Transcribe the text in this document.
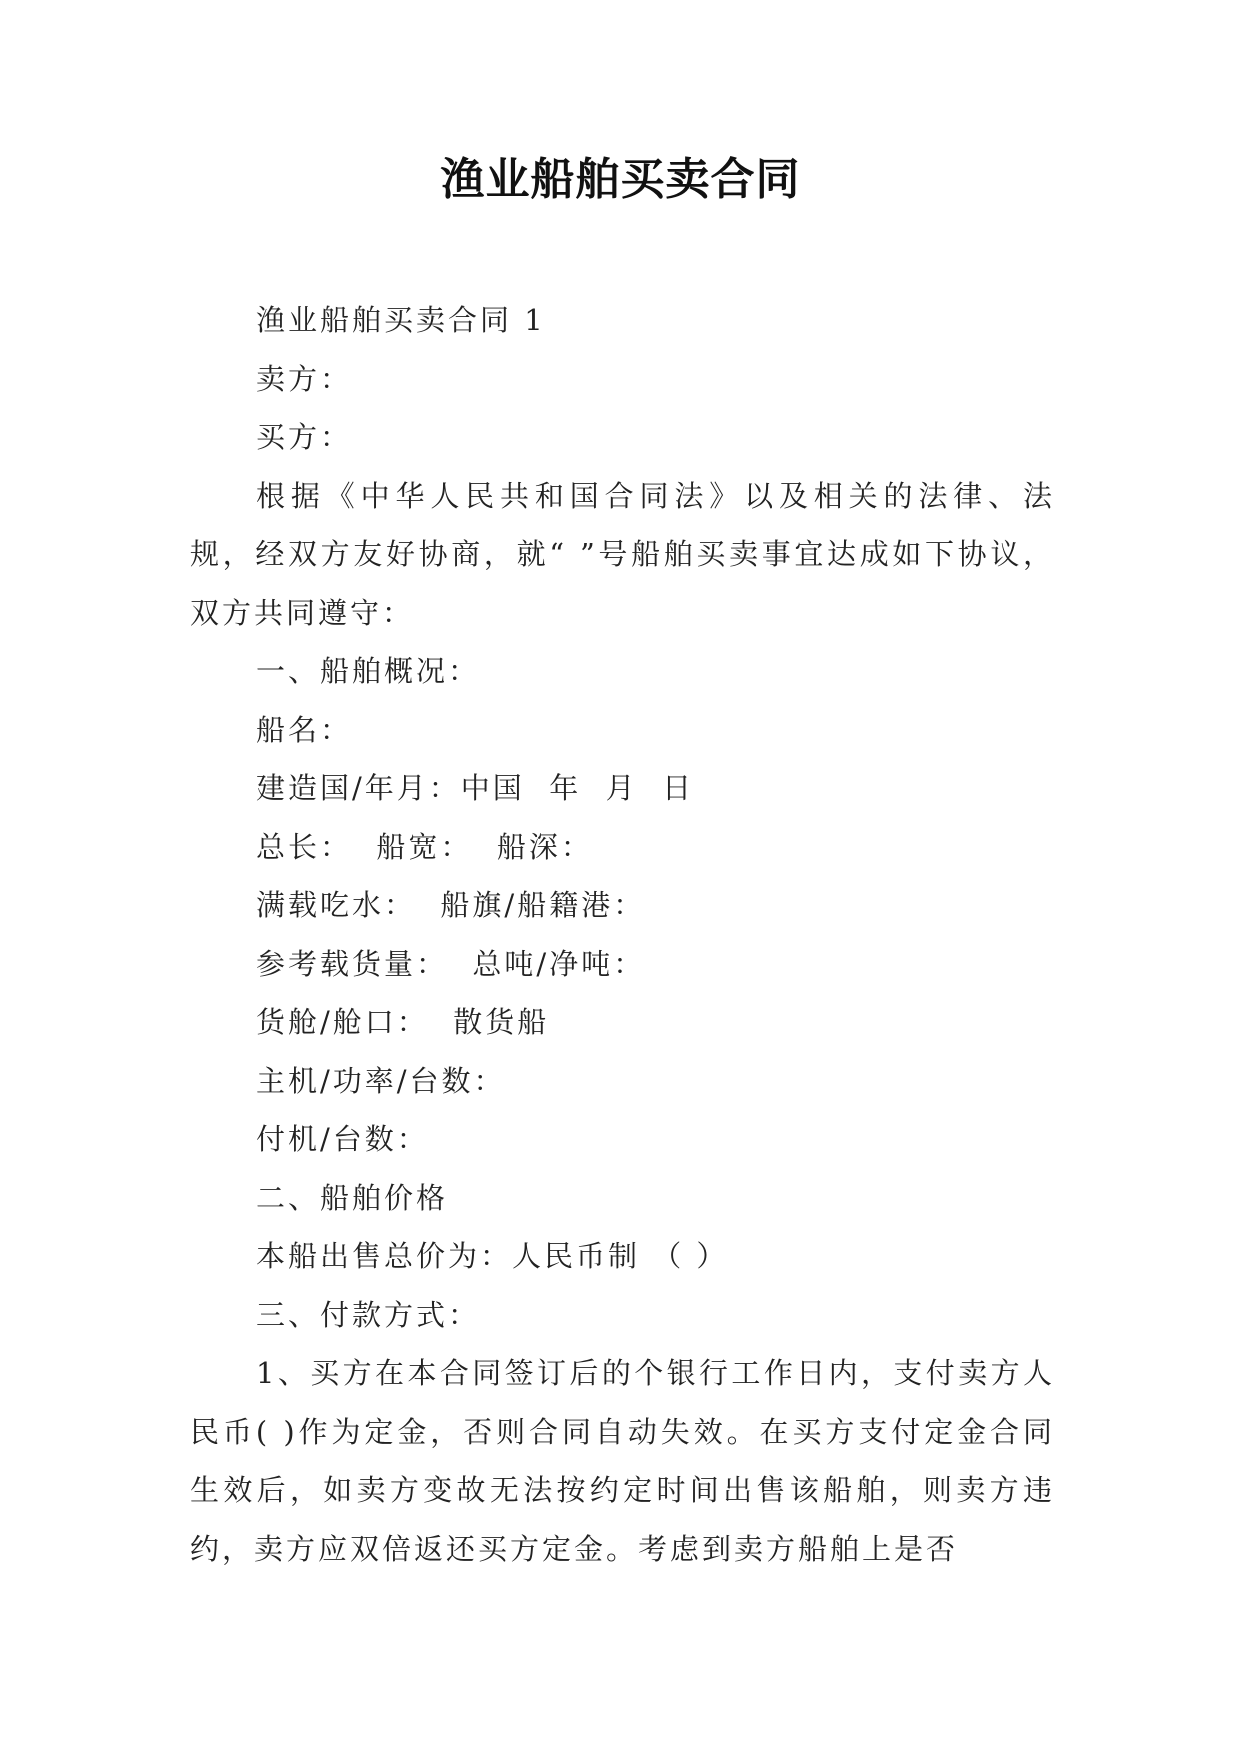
渔业船舶买卖合同

渔业船舶买卖合同 1

卖方：

买方：

根据《中华人民共和国合同法》以及相关的法律、法规，经双方友好协商，就“ ”号船舶买卖事宜达成如下协议，双方共同遵守：

一、船舶概况：

船名：

建造国/年月：中国  年  月  日

总长：  船宽：  船深：

满载吃水：  船旗/船籍港：

参考载货量：  总吨/净吨：

货舱/舱口：  散货船

主机/功率/台数：

付机/台数：

二、船舶价格

本船出售总价为：人民币制 （ ）

三、付款方式：

1、买方在本合同签订后的个银行工作日内，支付卖方人民币( )作为定金，否则合同自动失效。在买方支付定金合同生效后，如卖方变故无法按约定时间出售该船舶，则卖方违约，卖方应双倍返还买方定金。考虑到卖方船舶上是否
